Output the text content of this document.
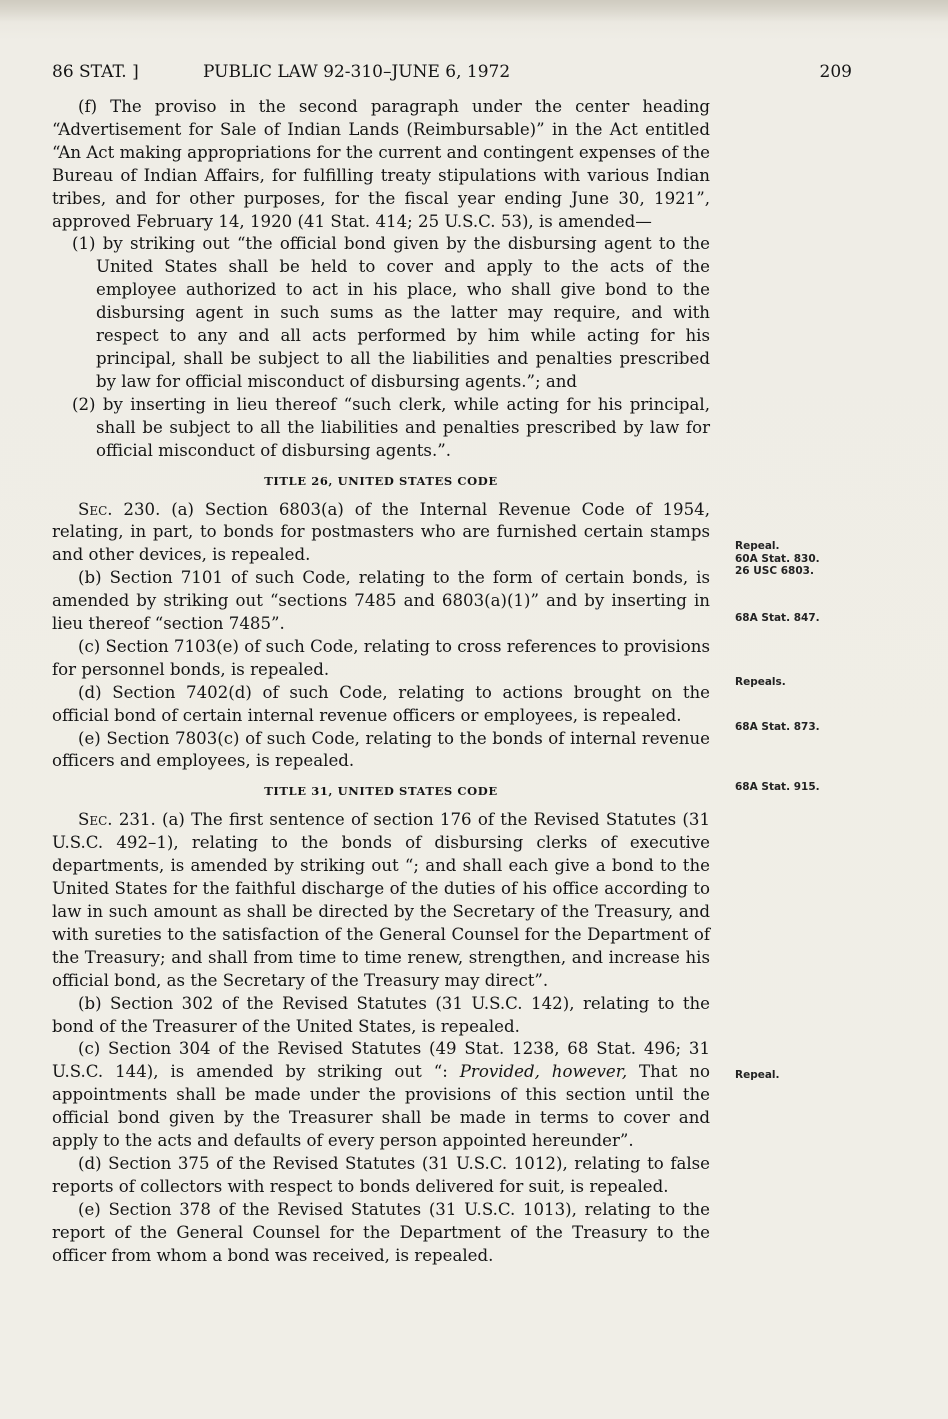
86 STAT. ]	PUBLIC LAW 92-310–JUNE 6, 1972	209

(f) The proviso in the second paragraph under the center heading “Advertisement for Sale of Indian Lands (Reimbursable)” in the Act entitled “An Act making appropriations for the current and contingent expenses of the Bureau of Indian Affairs, for fulfilling treaty stipulations with various Indian tribes, and for other purposes, for the fiscal year ending June 30, 1921”, approved February 14, 1920 (41 Stat. 414; 25 U.S.C. 53), is amended—

(1) by striking out “the official bond given by the disbursing agent to the United States shall be held to cover and apply to the acts of the employee authorized to act in his place, who shall give bond to the disbursing agent in such sums as the latter may require, and with respect to any and all acts performed by him while acting for his principal, shall be subject to all the liabilities and penalties prescribed by law for official misconduct of disbursing agents.”; and

(2) by inserting in lieu thereof “such clerk, while acting for his principal, shall be subject to all the liabilities and penalties prescribed by law for official misconduct of disbursing agents.”.

TITLE 26, UNITED STATES CODE

Sec. 230. (a) Section 6803(a) of the Internal Revenue Code of 1954, relating, in part, to bonds for postmasters who are furnished certain stamps and other devices, is repealed.

(b) Section 7101 of such Code, relating to the form of certain bonds, is amended by striking out “sections 7485 and 6803(a)(1)” and by inserting in lieu thereof “section 7485”.

(c) Section 7103(e) of such Code, relating to cross references to provisions for personnel bonds, is repealed.

(d) Section 7402(d) of such Code, relating to actions brought on the official bond of certain internal revenue officers or employees, is repealed.

(e) Section 7803(c) of such Code, relating to the bonds of internal revenue officers and employees, is repealed.

TITLE 31, UNITED STATES CODE

Sec. 231. (a) The first sentence of section 176 of the Revised Statutes (31 U.S.C. 492–1), relating to the bonds of disbursing clerks of executive departments, is amended by striking out “; and shall each give a bond to the United States for the faithful discharge of the duties of his office according to law in such amount as shall be directed by the Secretary of the Treasury, and with sureties to the satisfaction of the General Counsel for the Department of the Treasury; and shall from time to time renew, strengthen, and increase his official bond, as the Secretary of the Treasury may direct”.

(b) Section 302 of the Revised Statutes (31 U.S.C. 142), relating to the bond of the Treasurer of the United States, is repealed.

(c) Section 304 of the Revised Statutes (49 Stat. 1238, 68 Stat. 496; 31 U.S.C. 144), is amended by striking out “: Provided, however, That no appointments shall be made under the provisions of this section until the official bond given by the Treasurer shall be made in terms to cover and apply to the acts and defaults of every person appointed hereunder”.

(d) Section 375 of the Revised Statutes (31 U.S.C. 1012), relating to false reports of collectors with respect to bonds delivered for suit, is repealed.

(e) Section 378 of the Revised Statutes (31 U.S.C. 1013), relating to the report of the General Counsel for the Department of the Treasury to the officer from whom a bond was received, is repealed.

Repeal.
60A Stat. 830.
26 USC 6803.
68A Stat. 847.
Repeals.
68A Stat. 873.
68A Stat. 915.
Repeal.
